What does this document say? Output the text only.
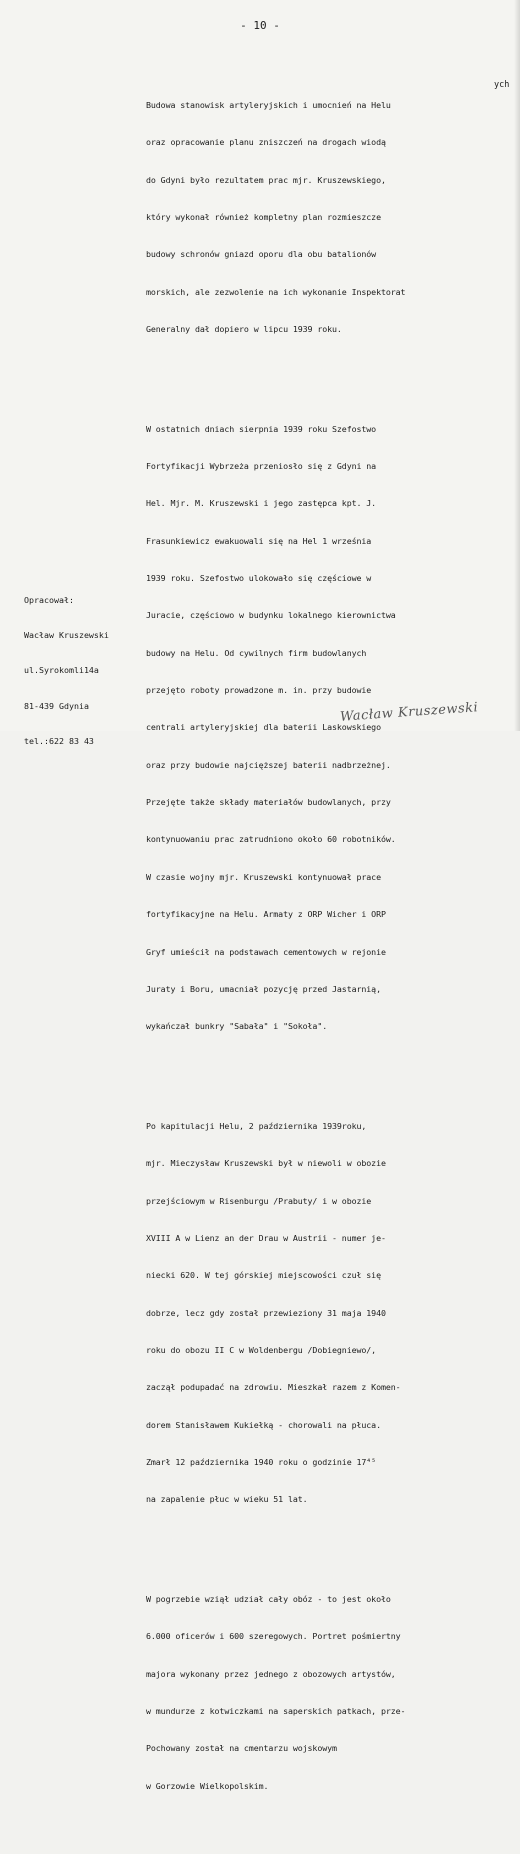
- 10 -

Budowa stanowisk artyleryjskich i umocnień na Helu

oraz opracowanie planu zniszczeń na drogach wiodą

do Gdyni było rezultatem prac mjr. Kruszewskiego,

który wykonał również kompletny plan rozmieszcze

budowy schronów gniazd oporu dla obu batalionów

morskich, ale zezwolenie na ich wykonanie Inspektorat

Generalny dał dopiero w lipcu 1939 roku.

W ostatnich dniach sierpnia 1939 roku Szefostwo

Fortyfikacji Wybrzeża przeniosło się z Gdyni na

Hel. Mjr. M. Kruszewski i jego zastępca kpt. J.

Frasunkiewicz ewakuowali się na Hel 1 września

1939 roku. Szefostwo ulokowało się częściowe w

Juracie, częściowo w budynku lokalnego kierownictwa

budowy na Helu. Od cywilnych firm budowlanych

przejęto roboty prowadzone m. in. przy budowie

centrali artyleryjskiej dla baterii Laskowskiego

oraz przy budowie najcięższej baterii nadbrzeżnej.

Przejęte także składy materiałów budowlanych, przy

kontynuowaniu prac zatrudniono około 60 robotników.

W czasie wojny mjr. Kruszewski kontynuował prace

fortyfikacyjne na Helu. Armaty z ORP Wicher i ORP

Gryf umieścił na podstawach cementowych w rejonie

Juraty i Boru, umacniał pozycję przed Jastarnią,

wykańczał bunkry "Sabała" i "Sokoła".

Po kapitulacji Helu, 2 października 1939roku,

mjr. Mieczysław Kruszewski był w niewoli w obozie

przejściowym w Risenburgu /Prabuty/ i w obozie

XVIII A w Lienz an der Drau w Austrii - numer je-

niecki 620. W tej górskiej miejscowości czuł się

dobrze, lecz gdy został przewieziony 31 maja 1940

roku do obozu II C w Woldenbergu /Dobiegniewo/,

zaczął podupadać na zdrowiu. Mieszkał razem z Komen-

dorem Stanisławem Kukiełką - chorowali na płuca.

Zmarł 12 października 1940 roku o godzinie 17⁴⁵

na zapalenie płuc w wieku 51 lat.

W pogrzebie wziął udział cały obóz - to jest około

6.000 oficerów i 600 szeregowych. Portret pośmiertny

majora wykonany przez jednego z obozowych artystów,

w mundurze z kotwiczkami na saperskich patkach, prze-

Pochowany został na cmentarzu wojskowym

w Gorzowie Wielkopolskim.

ych

Opracował:

Wacław Kruszewski

ul.Syrokomli14a

81-439 Gdynia

tel.:622 83 43

Wacław Kruszewski
